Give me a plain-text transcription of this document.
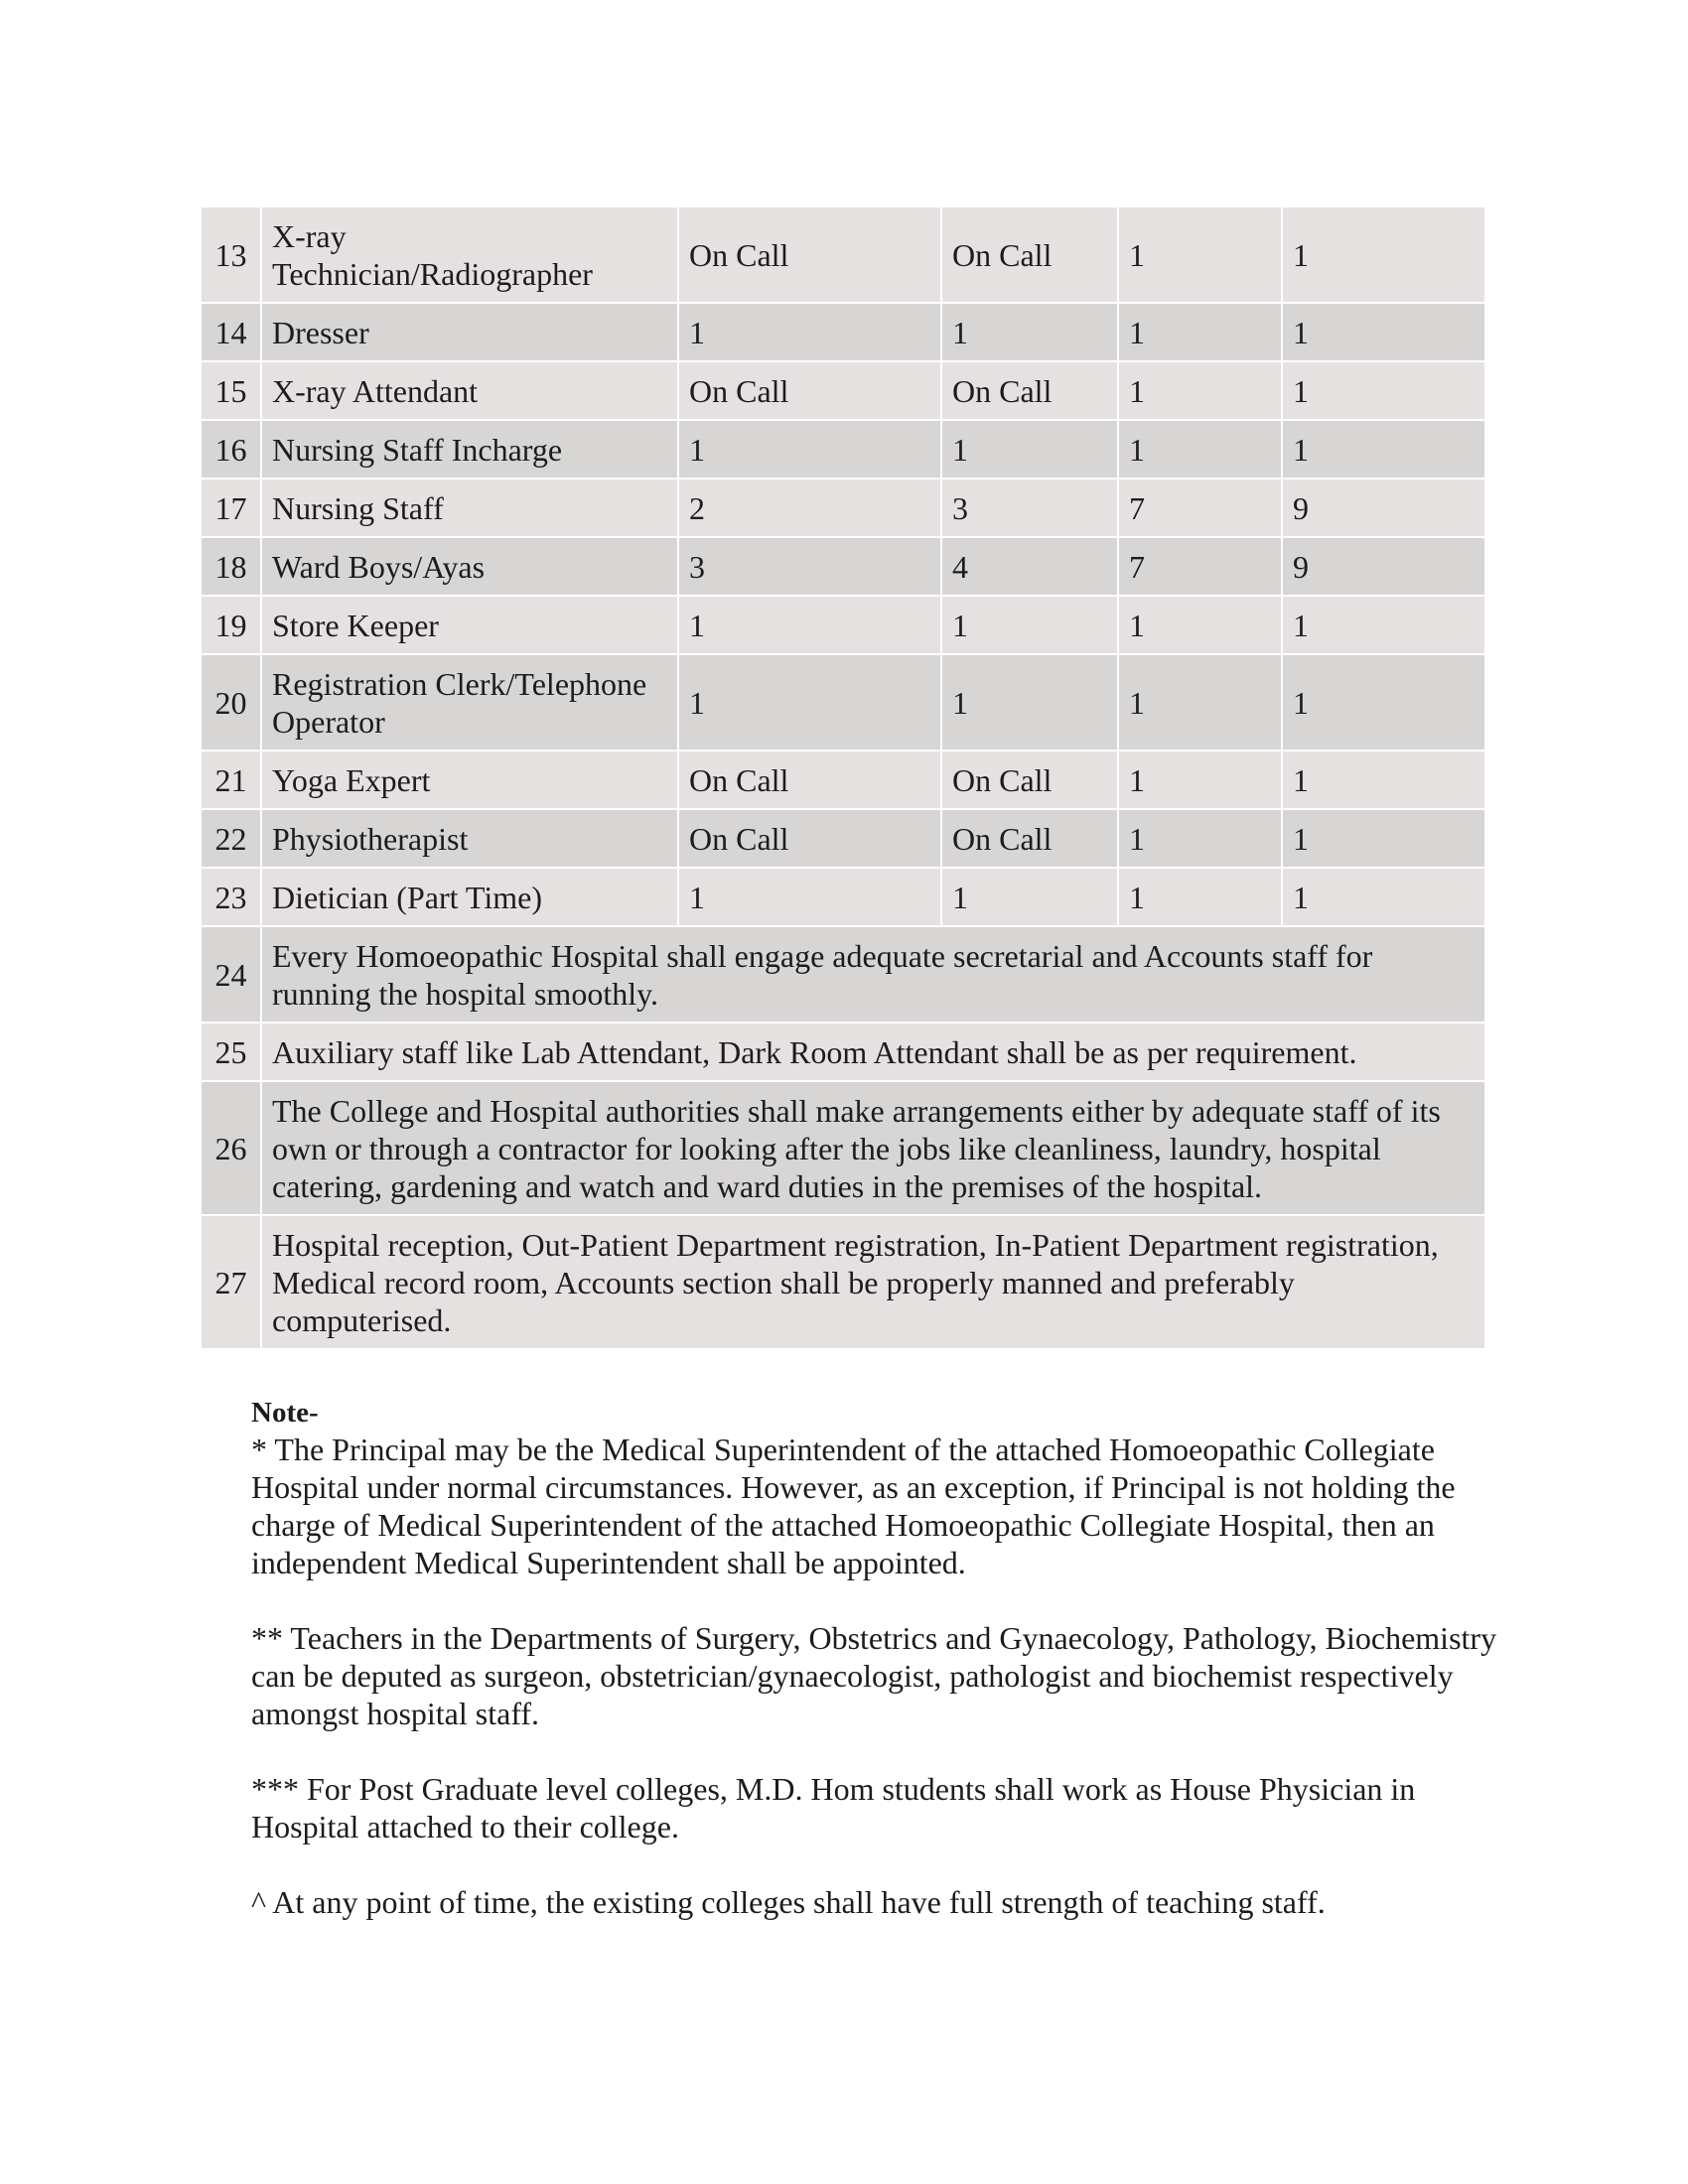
13	X-ray Technician/Radiographer	On Call	On Call	1	1
14	Dresser	1	1	1	1
15	X-ray Attendant	On Call	On Call	1	1
16	Nursing Staff Incharge	1	1	1	1
17	Nursing Staff	2	3	7	9
18	Ward Boys/Ayas	3	4	7	9
19	Store Keeper	1	1	1	1
20	Registration Clerk/Telephone Operator	1	1	1	1
21	Yoga Expert	On Call	On Call	1	1
22	Physiotherapist	On Call	On Call	1	1
23	Dietician (Part Time)	1	1	1	1
24	Every Homoeopathic Hospital shall engage adequate secretarial and Accounts staff for running the hospital smoothly.				
25	Auxiliary staff like Lab Attendant, Dark Room Attendant shall be as per requirement.				
26	The College and Hospital authorities shall make arrangements either by adequate staff of its own or through a contractor for looking after the jobs like cleanliness, laundry, hospital catering, gardening and watch and ward duties in the premises of the hospital.				
27	Hospital reception, Out-Patient Department registration, In-Patient Department registration, Medical record room, Accounts section shall be properly manned and preferably computerised.				
Note-

* The Principal may be the Medical Superintendent of the attached Homoeopathic Collegiate Hospital under normal circumstances. However, as an exception, if Principal is not holding the charge of Medical Superintendent of the attached Homoeopathic Collegiate Hospital, then an independent Medical Superintendent shall be appointed.

** Teachers in the Departments of Surgery, Obstetrics and Gynaecology, Pathology, Biochemistry can be deputed as surgeon, obstetrician/gynaecologist, pathologist and biochemist respectively amongst hospital staff.

*** For Post Graduate level colleges, M.D. Hom students shall work as House Physician in Hospital attached to their college.

^ At any point of time, the existing colleges shall have full strength of teaching staff.
